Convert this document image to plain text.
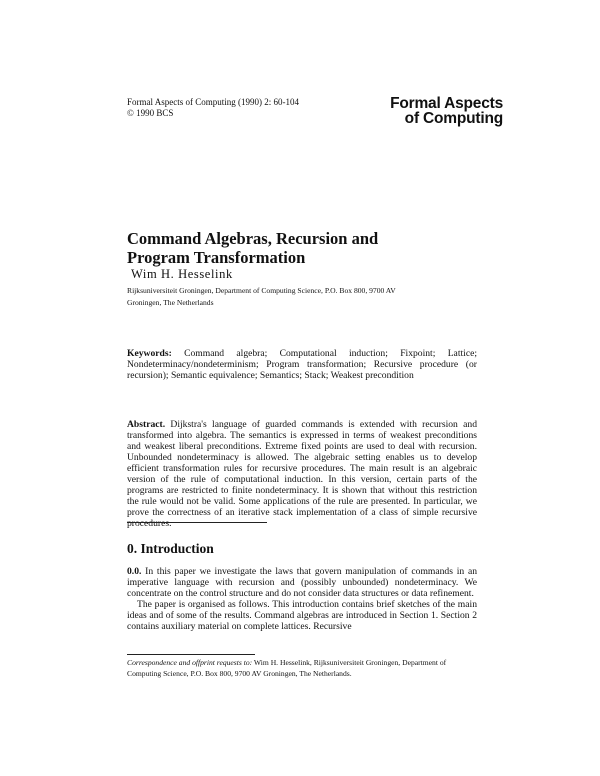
Formal Aspects of Computing (1990) 2: 60-104
© 1990 BCS
Formal Aspects
of Computing
Command Algebras, Recursion and
Program Transformation
Wim H. Hesselink
Rijksuniversiteit Groningen, Department of Computing Science, P.O. Box 800, 9700 AV
Groningen, The Netherlands
Keywords: Command algebra; Computational induction; Fixpoint; Lattice; Nondeterminacy/nondeterminism; Program transformation; Recursive procedure (or recursion); Semantic equivalence; Semantics; Stack; Weakest precondition
Abstract. Dijkstra's language of guarded commands is extended with recursion and transformed into algebra. The semantics is expressed in terms of weakest preconditions and weakest liberal preconditions. Extreme fixed points are used to deal with recursion. Unbounded nondeterminacy is allowed. The algebraic setting enables us to develop efficient transformation rules for recursive procedures. The main result is an algebraic version of the rule of computational induction. In this version, certain parts of the programs are restricted to finite nondeterminacy. It is shown that without this restriction the rule would not be valid. Some applications of the rule are presented. In particular, we prove the correctness of an iterative stack implementation of a class of simple recursive procedures.
0. Introduction

0.0. In this paper we investigate the laws that govern manipulation of commands in an imperative language with recursion and (possibly unbounded) nondeterminacy. We concentrate on the control structure and do not consider data structures or data refinement.

The paper is organised as follows. This introduction contains brief sketches of the main ideas and of some of the results. Command algebras are introduced in Section 1. Section 2 contains auxiliary material on complete lattices. Recursive

Correspondence and offprint requests to: Wim H. Hesselink, Rijksuniversiteit Groningen, Department of Computing Science, P.O. Box 800, 9700 AV Groningen, The Netherlands.
